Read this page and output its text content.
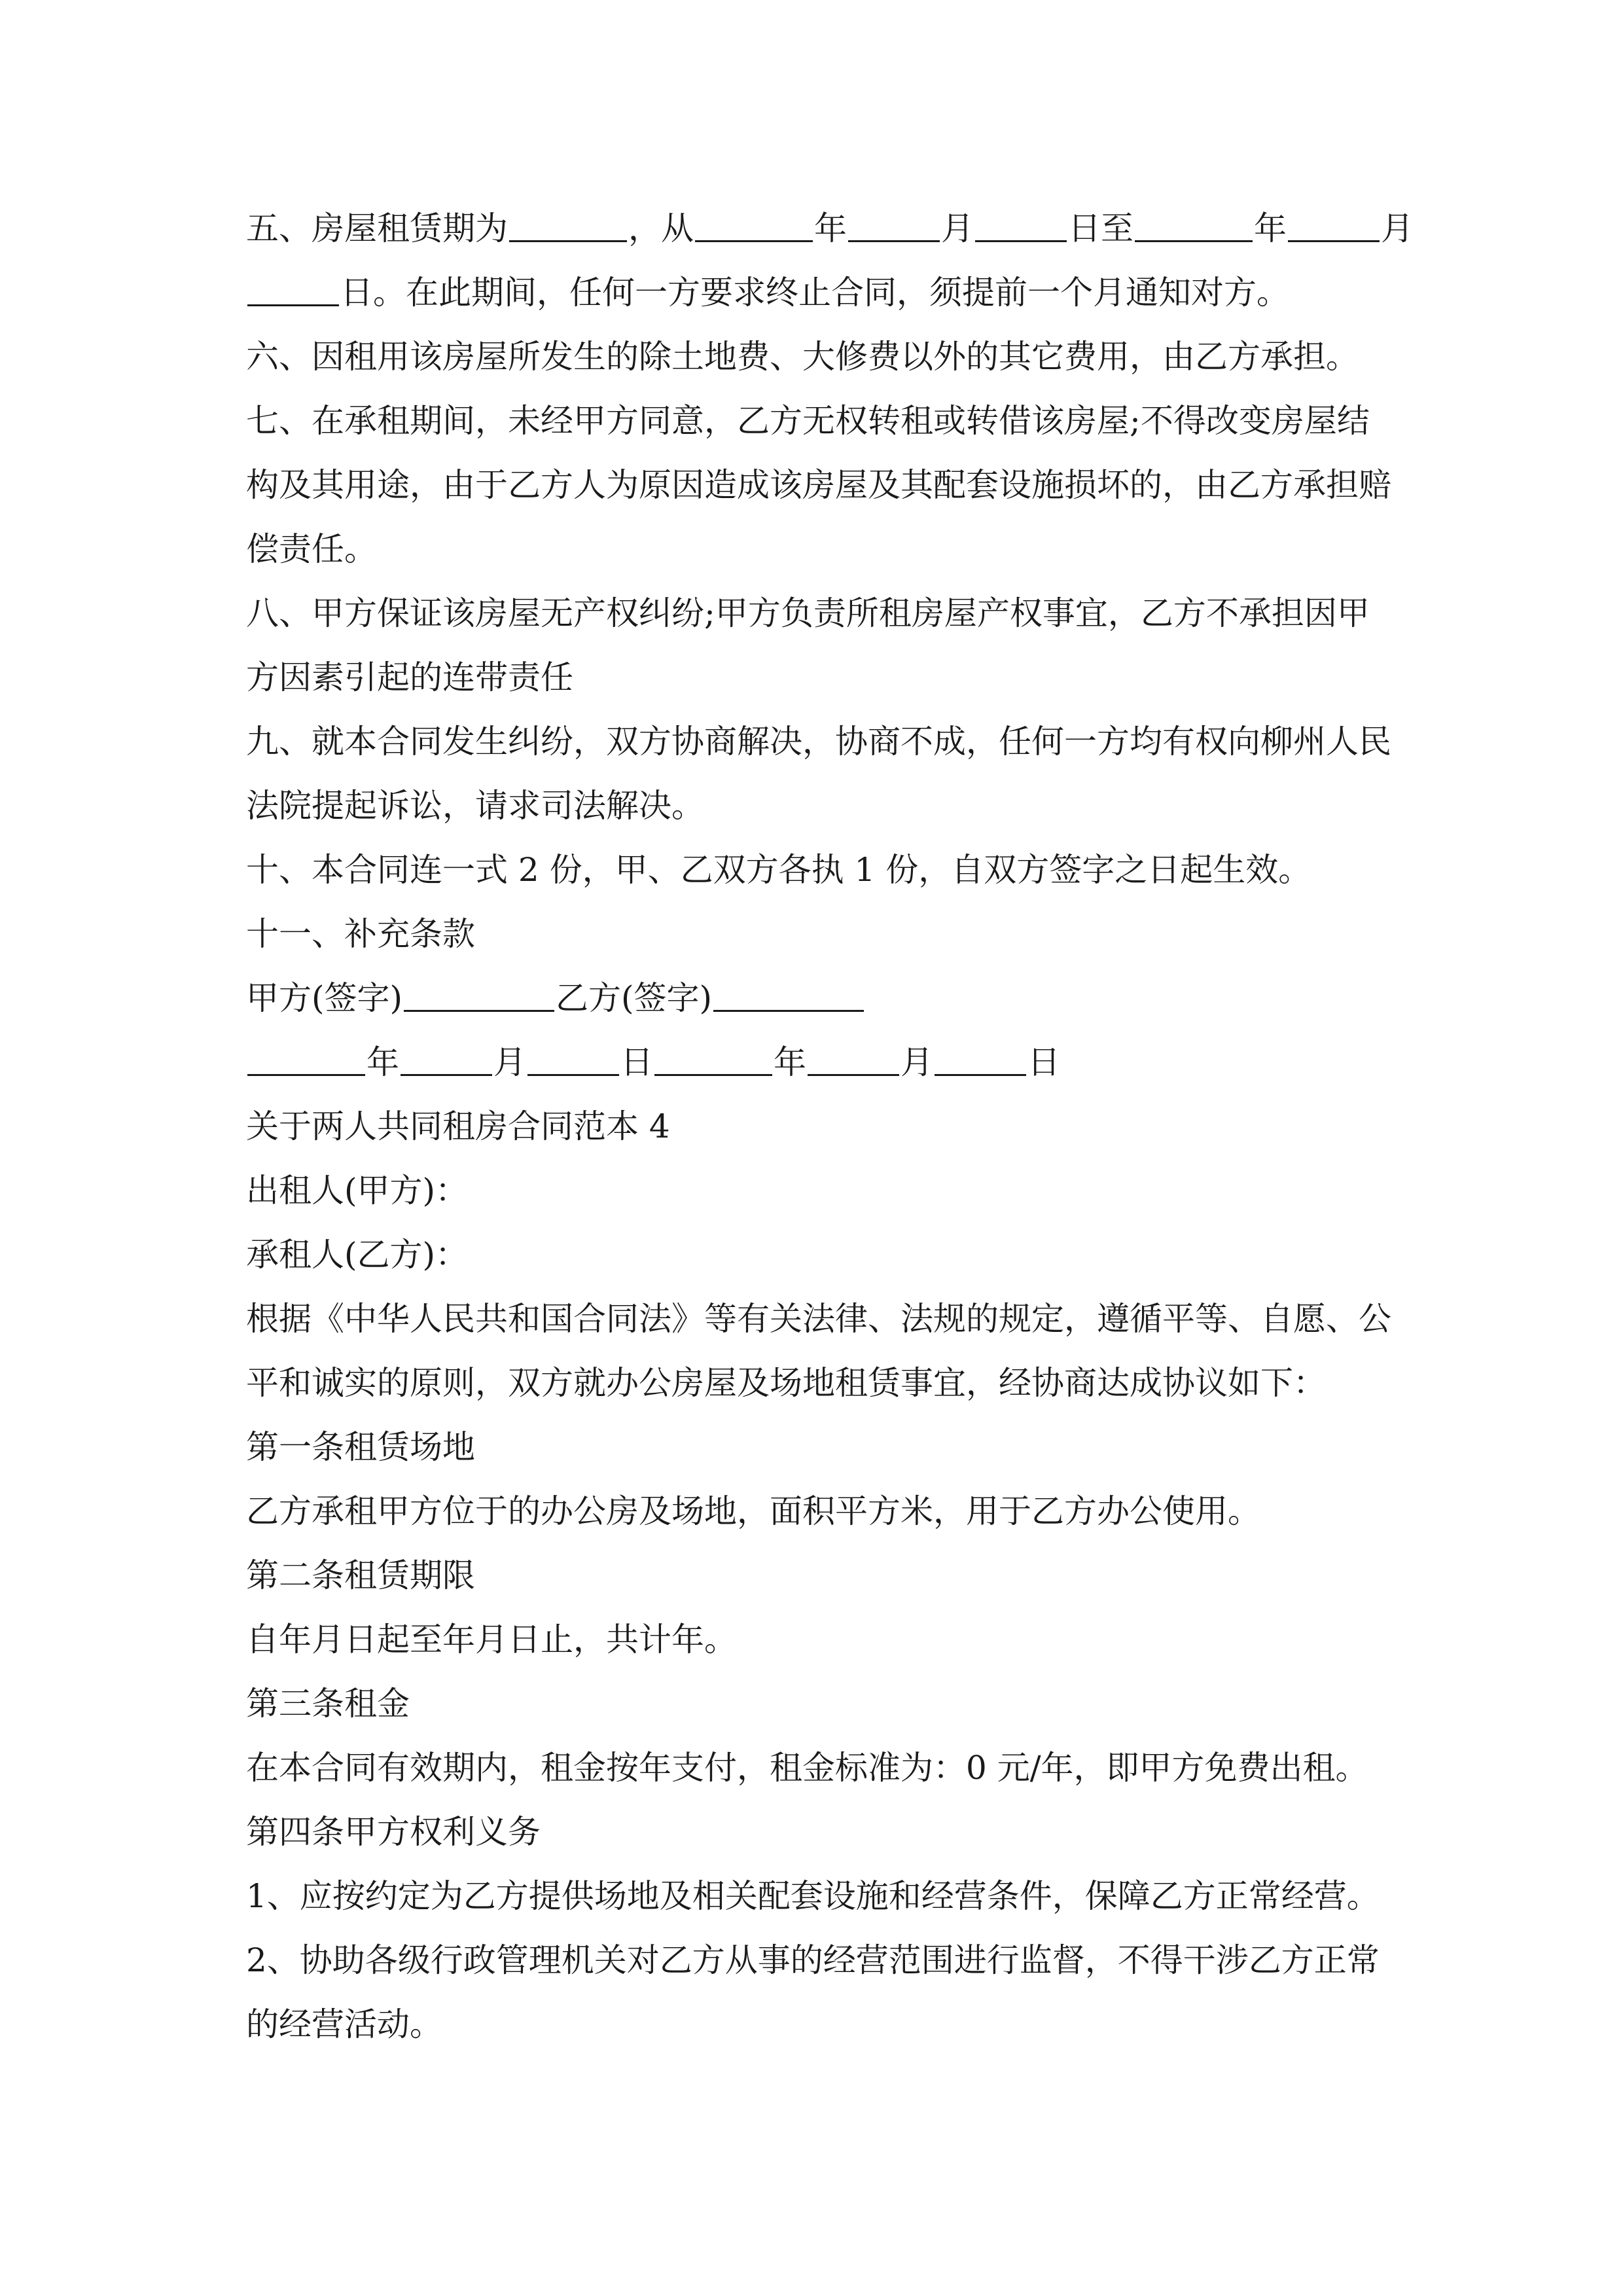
五、房屋租赁期为	，从	年	月	日至	年	月
日。在此期间，任何一方要求终止合同，须提前一个月通知对方。
六、因租用该房屋所发生的除土地费、大修费以外的其它费用，由乙方承担。
七、在承租期间，未经甲方同意，乙方无权转租或转借该房屋;不得改变房屋结
构及其用途，由于乙方人为原因造成该房屋及其配套设施损坏的，由乙方承担赔
偿责任。
八、甲方保证该房屋无产权纠纷;甲方负责所租房屋产权事宜，乙方不承担因甲
方因素引起的连带责任
九、就本合同发生纠纷，双方协商解决，协商不成，任何一方均有权向柳州人民
法院提起诉讼，请求司法解决。
十、本合同连一式 2 份，甲、乙双方各执 1 份，自双方签字之日起生效。
十一、补充条款
甲方(签字)	乙方(签字)
年	月	日	年	月	日
关于两人共同租房合同范本 4
出租人(甲方)：
承租人(乙方)：
根据《中华人民共和国合同法》等有关法律、法规的规定，遵循平等、自愿、公
平和诚实的原则，双方就办公房屋及场地租赁事宜，经协商达成协议如下：
第一条租赁场地
乙方承租甲方位于的办公房及场地，面积平方米，用于乙方办公使用。
第二条租赁期限
自年月日起至年月日止，共计年。
第三条租金
在本合同有效期内，租金按年支付，租金标准为：0 元/年，即甲方免费出租。
第四条甲方权利义务
1、应按约定为乙方提供场地及相关配套设施和经营条件，保障乙方正常经营。
2、协助各级行政管理机关对乙方从事的经营范围进行监督，不得干涉乙方正常
的经营活动。
